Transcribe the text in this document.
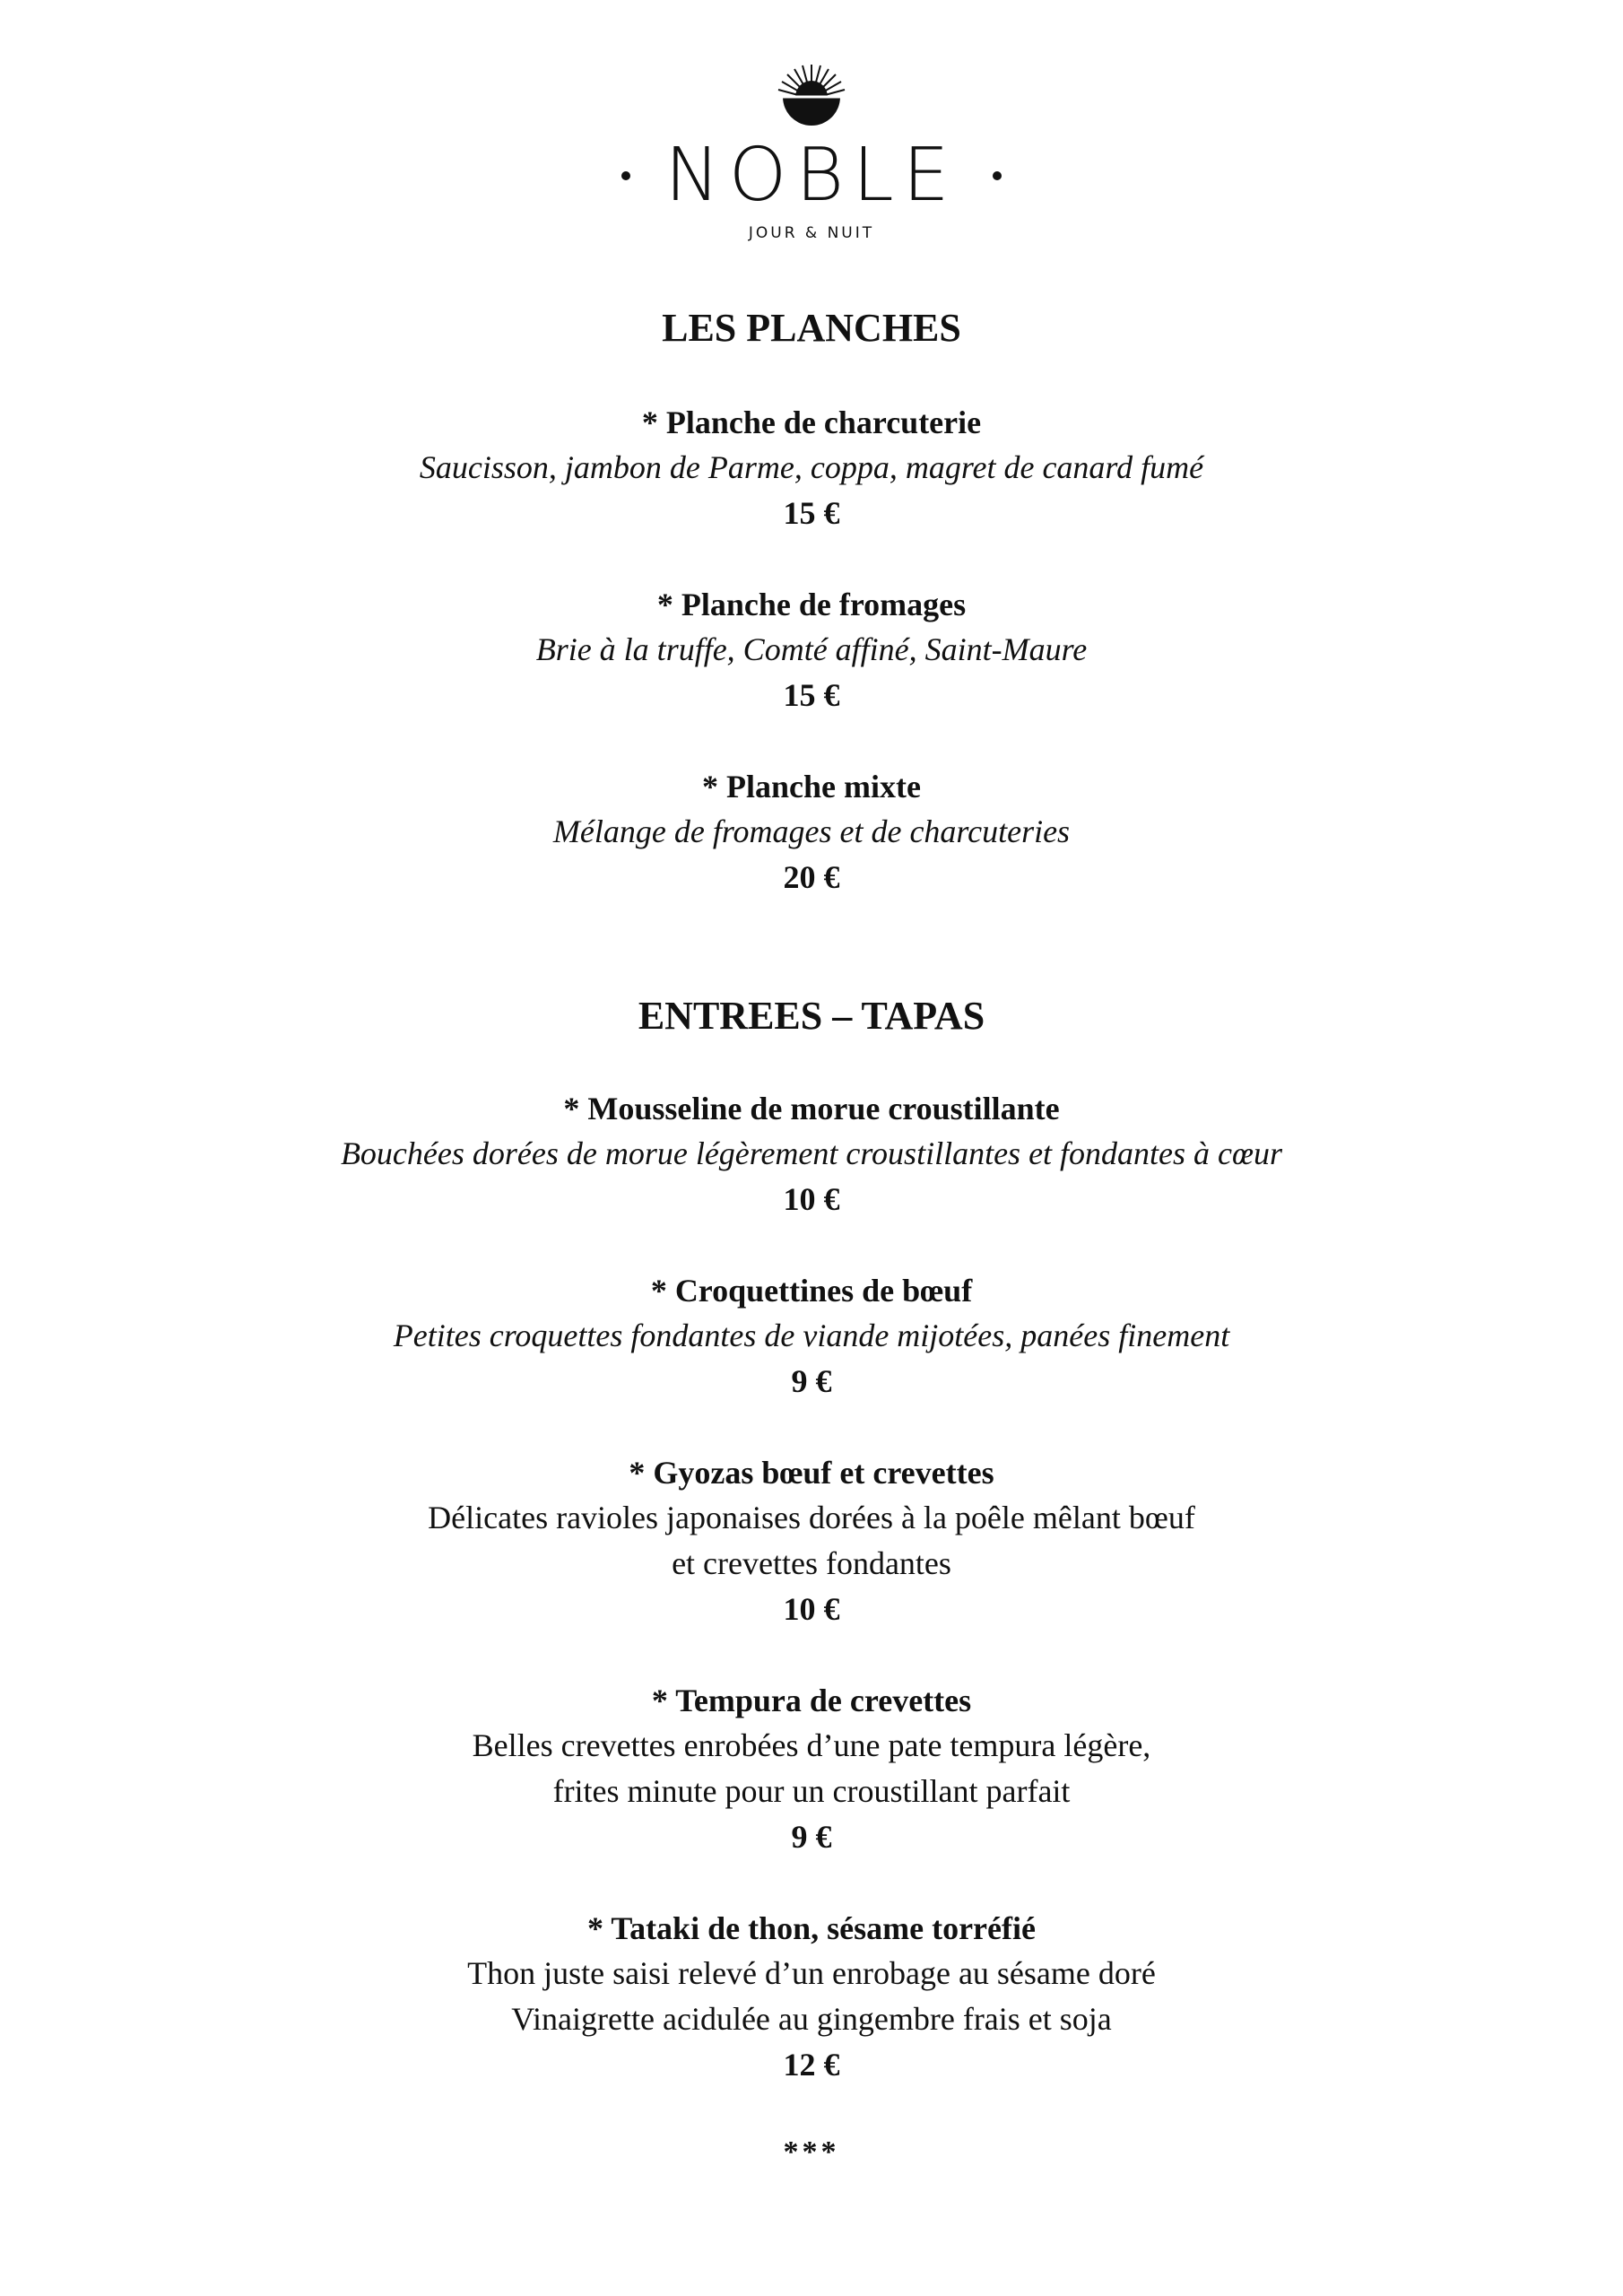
NOBLE
JOUR & NUIT
LES PLANCHES
* Planche de charcuterie
Saucisson, jambon de Parme, coppa, magret de canard fumé
15 €
* Planche de fromages
Brie à la truffe, Comté affiné, Saint-Maure
15 €
* Planche mixte
Mélange de fromages et de charcuteries
20 €
ENTREES – TAPAS
* Mousseline de morue croustillante
Bouchées dorées de morue légèrement croustillantes et fondantes à cœur
10 €
* Croquettines de bœuf
Petites croquettes fondantes de viande mijotées, panées finement
9 €
* Gyozas bœuf et crevettes
Délicates ravioles japonaises dorées à la poêle mêlant bœuf
et crevettes fondantes
10 €
* Tempura de crevettes
Belles crevettes enrobées d’une pate tempura légère,
frites minute pour un croustillant parfait
9 €
* Tataki de thon, sésame torréfié
Thon juste saisi relevé d’un enrobage au sésame doré
Vinaigrette acidulée au gingembre frais et soja
12 €
***
